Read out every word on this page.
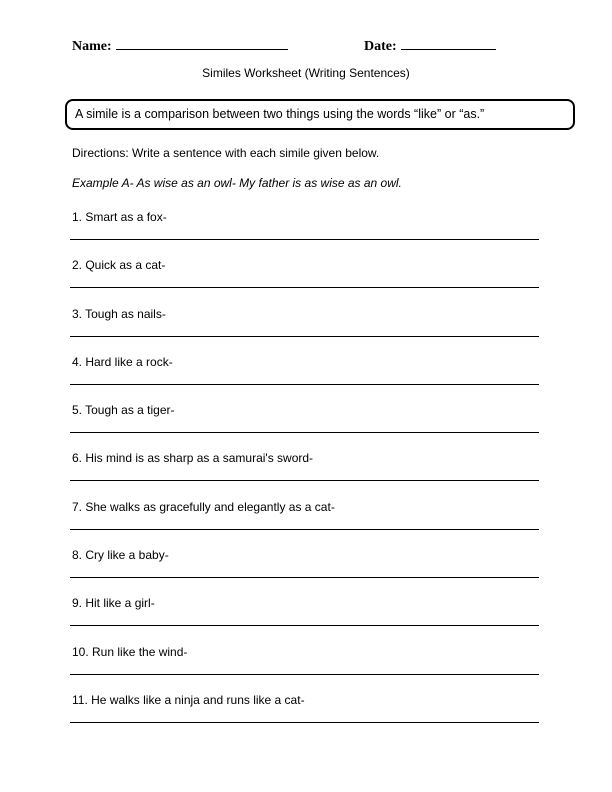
Name:	Date:
Similes Worksheet (Writing Sentences)
A simile is a comparison between two things using the words “like” or “as.”
Directions: Write a sentence with each simile given below.
Example A- As wise as an owl- My father is as wise as an owl.
1. Smart as a fox-
2. Quick as a cat-
3. Tough as nails-
4. Hard like a rock-
5. Tough as a tiger-
6. His mind is as sharp as a samurai's sword-
7. She walks as gracefully and elegantly as a cat-
8. Cry like a baby-
9. Hit like a girl-
10. Run like the wind-
11. He walks like a ninja and runs like a cat-
